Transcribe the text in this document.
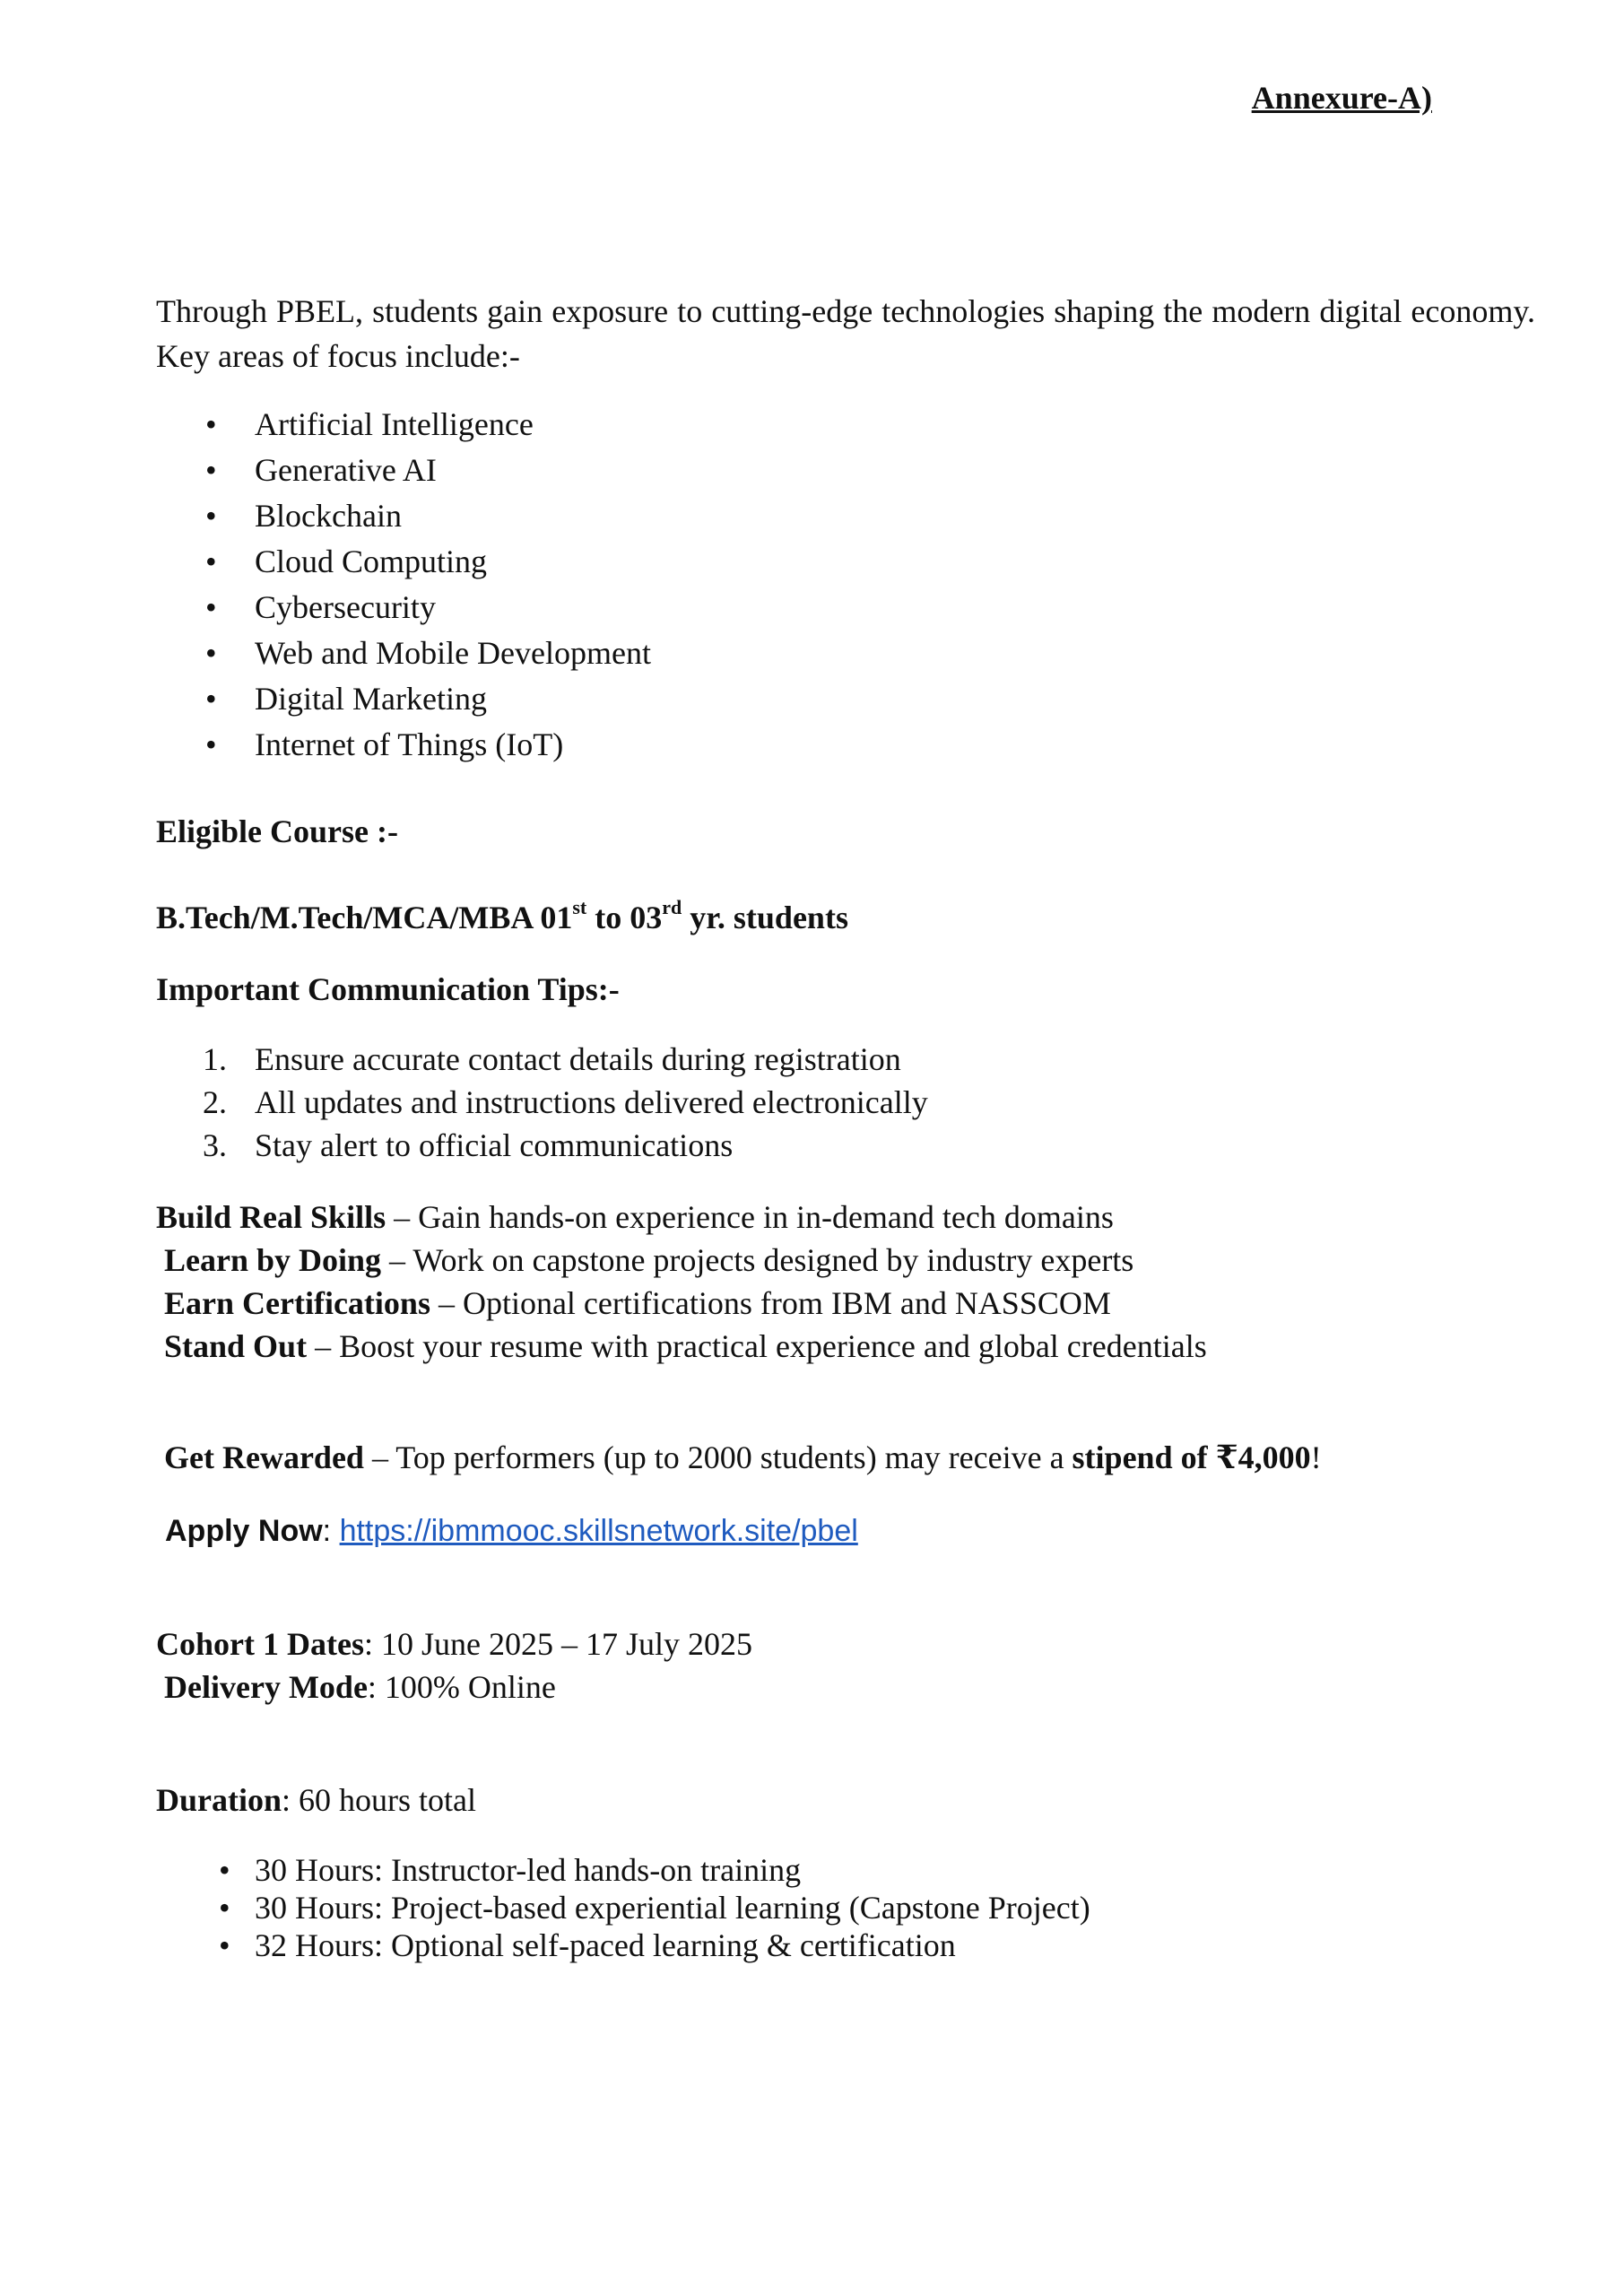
Annexure-A)
Through PBEL, students gain exposure to cutting-edge technologies shaping the modern digital economy. Key areas of focus include:-
• Artificial Intelligence
• Generative AI
• Blockchain
• Cloud Computing
• Cybersecurity
• Web and Mobile Development
• Digital Marketing
• Internet of Things (IoT)
Eligible Course :-
B.Tech/M.Tech/MCA/MBA 01st to 03rd yr. students
Important Communication Tips:-
1. Ensure accurate contact details during registration
2. All updates and instructions delivered electronically
3. Stay alert to official communications
Build Real Skills – Gain hands-on experience in in-demand tech domains
Learn by Doing – Work on capstone projects designed by industry experts
Earn Certifications – Optional certifications from IBM and NASSCOM
Stand Out – Boost your resume with practical experience and global credentials
Get Rewarded – Top performers (up to 2000 students) may receive a stipend of ₹4,000!
Apply Now: https://ibmmooc.skillsnetwork.site/pbel
Cohort 1 Dates: 10 June 2025 – 17 July 2025
Delivery Mode: 100% Online
Duration: 60 hours total
• 30 Hours: Instructor-led hands-on training
• 30 Hours: Project-based experiential learning (Capstone Project)
• 32 Hours: Optional self-paced learning & certification
